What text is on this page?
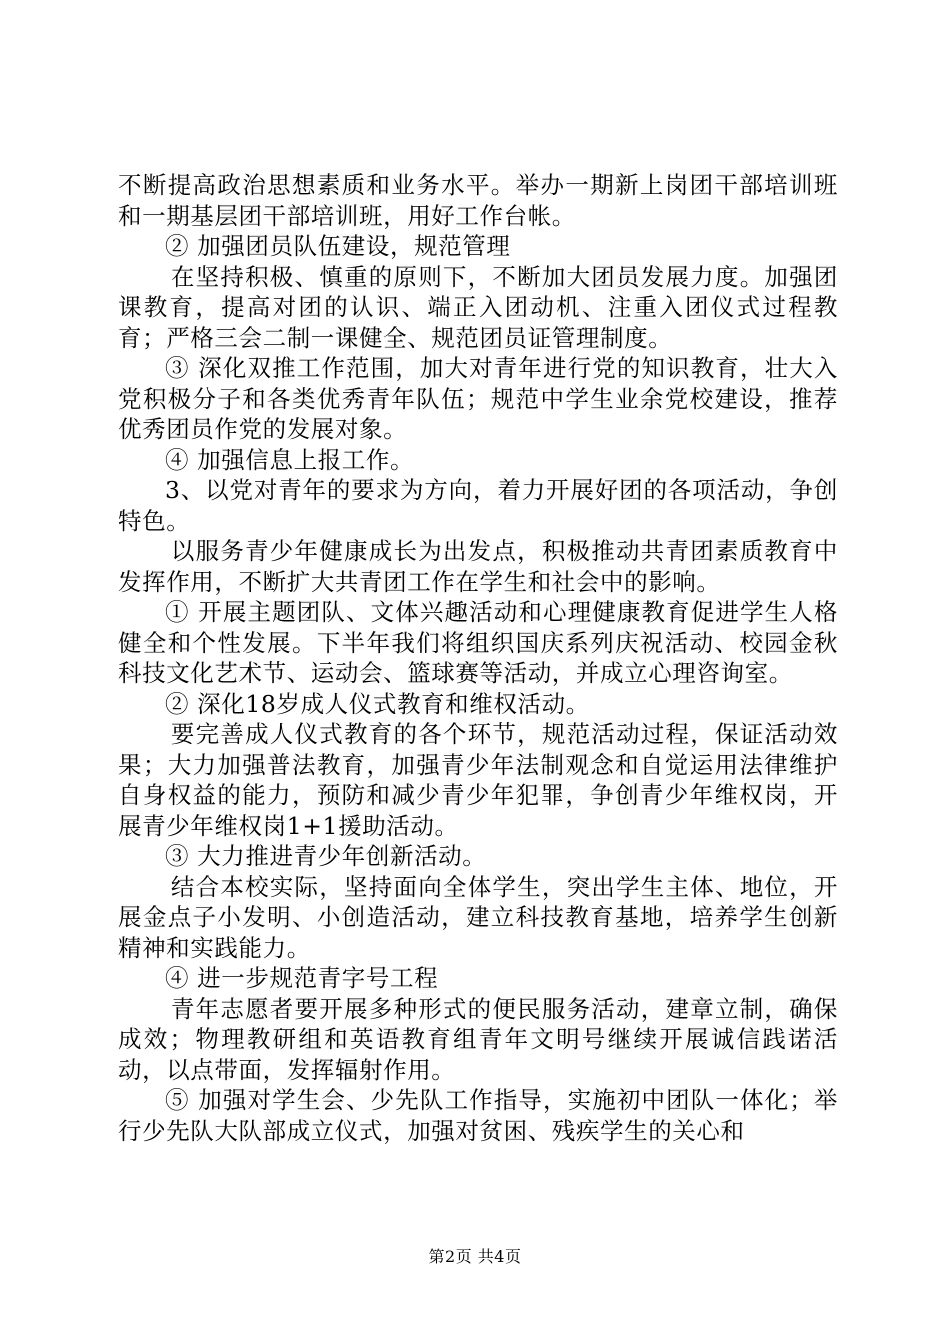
不断提高政治思想素质和业务水平。举办一期新上岗团干部培训班和一期基层团干部培训班，用好工作台帐。

② 加强团员队伍建设，规范管理

在坚持积极、慎重的原则下，不断加大团员发展力度。加强团课教育，提高对团的认识、端正入团动机、注重入团仪式过程教育；严格三会二制一课健全、规范团员证管理制度。

③ 深化双推工作范围，加大对青年进行党的知识教育，壮大入党积极分子和各类优秀青年队伍；规范中学生业余党校建设，推荐优秀团员作党的发展对象。

④ 加强信息上报工作。

3、以党对青年的要求为方向，着力开展好团的各项活动，争创特色。

以服务青少年健康成长为出发点，积极推动共青团素质教育中发挥作用，不断扩大共青团工作在学生和社会中的影响。

① 开展主题团队、文体兴趣活动和心理健康教育促进学生人格健全和个性发展。下半年我们将组织国庆系列庆祝活动、校园金秋科技文化艺术节、运动会、篮球赛等活动，并成立心理咨询室。

② 深化18岁成人仪式教育和维权活动。

要完善成人仪式教育的各个环节，规范活动过程，保证活动效果；大力加强普法教育，加强青少年法制观念和自觉运用法律维护自身权益的能力，预防和减少青少年犯罪，争创青少年维权岗，开展青少年维权岗1+1援助活动。

③ 大力推进青少年创新活动。

结合本校实际，坚持面向全体学生，突出学生主体、地位，开展金点子小发明、小创造活动，建立科技教育基地，培养学生创新精神和实践能力。

④ 进一步规范青字号工程

青年志愿者要开展多种形式的便民服务活动，建章立制，确保成效；物理教研组和英语教育组青年文明号继续开展诚信践诺活动，以点带面，发挥辐射作用。

⑤ 加强对学生会、少先队工作指导，实施初中团队一体化；举行少先队大队部成立仪式，加强对贫困、残疾学生的关心和

第2页 共4页
